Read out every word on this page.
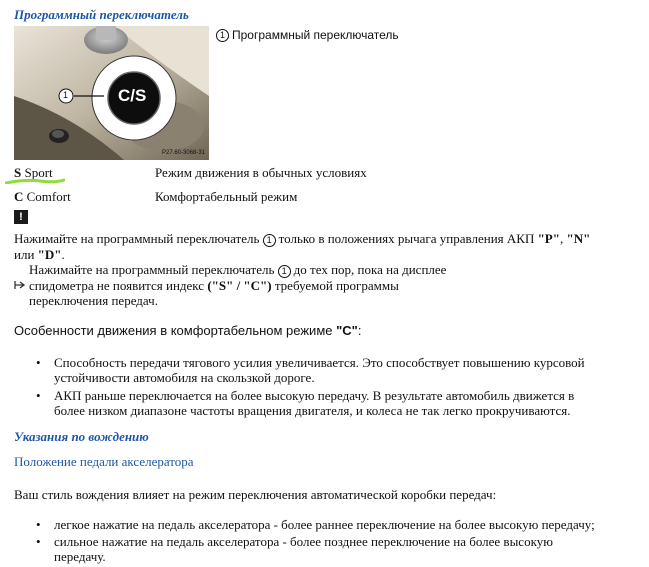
Программный переключатель
1	C/S
P27.60-3068-31
1 Программный переключатель
S Sport	Режим движения в обычных условиях
C Comfort	Комфортабельный режим
!
Нажимайте на программный переключатель 1 только в положениях рычага управления АКП "P", "N"
или "D".
Нажимайте на программный переключатель 1 до тех пор, пока на дисплее
спидометра не появится индекс ("S" / "C") требуемой программы
переключения передач.
Особенности движения в комфортабельном режиме "С":
• Способность передачи тягового усилия увеличивается. Это способствует повышению курсовой
устойчивости автомобиля на скользкой дороге.
• АКП раньше переключается на более высокую передачу. В результате автомобиль движется в
более низком диапазоне частоты вращения двигателя, и колеса не так легко прокручиваются.
Указания по вождению
Положение педали акселератора
Ваш стиль вождения влияет на режим переключения автоматической коробки передач:
• легкое нажатие на педаль акселератора - более раннее переключение на более высокую передачу;
• сильное нажатие на педаль акселератора - более позднее переключение на более высокую
передачу.
